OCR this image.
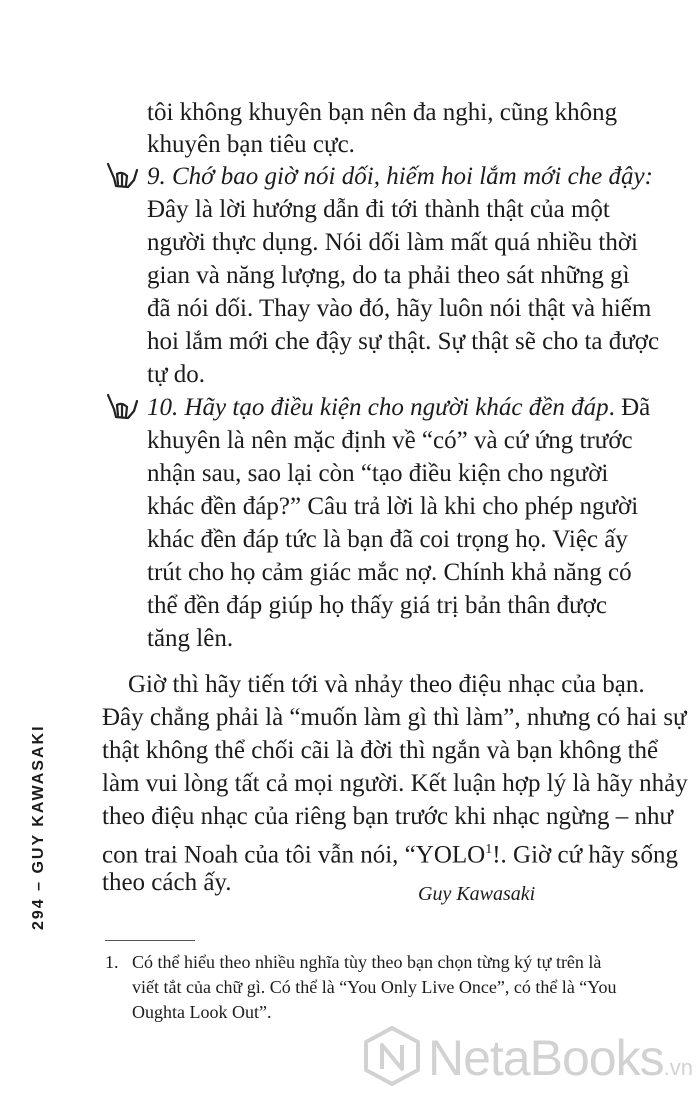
294 – GUY KAWASAKI
tôi không khuyên bạn nên đa nghi, cũng không
khuyên bạn tiêu cực.
9. Chớ bao giờ nói dối, hiếm hoi lắm mới che đậy:
Đây là lời hướng dẫn đi tới thành thật của một
người thực dụng. Nói dối làm mất quá nhiều thời
gian và năng lượng, do ta phải theo sát những gì
đã nói dối. Thay vào đó, hãy luôn nói thật và hiếm
hoi lắm mới che đậy sự thật. Sự thật sẽ cho ta được
tự do.
10. Hãy tạo điều kiện cho người khác đền đáp. Đã
khuyên là nên mặc định về “có” và cứ ứng trước
nhận sau, sao lại còn “tạo điều kiện cho người
khác đền đáp?” Câu trả lời là khi cho phép người
khác đền đáp tức là bạn đã coi trọng họ. Việc ấy
trút cho họ cảm giác mắc nợ. Chính khả năng có
thể đền đáp giúp họ thấy giá trị bản thân được
tăng lên.
Giờ thì hãy tiến tới và nhảy theo điệu nhạc của bạn.
Đây chẳng phải là “muốn làm gì thì làm”, nhưng có hai sự
thật không thể chối cãi là đời thì ngắn và bạn không thể
làm vui lòng tất cả mọi người. Kết luận hợp lý là hãy nhảy
theo điệu nhạc của riêng bạn trước khi nhạc ngừng – như
con trai Noah của tôi vẫn nói, “YOLO$^1$!. Giờ cứ hãy sống
theo cách ấy.	Guy Kawasaki
1. Có thể hiểu theo nhiều nghĩa tùy theo bạn chọn từng ký tự trên là
viết tắt của chữ gì. Có thể là “You Only Live Once”, có thể là “You
Oughta Look Out”.
NetaBooks.vn
